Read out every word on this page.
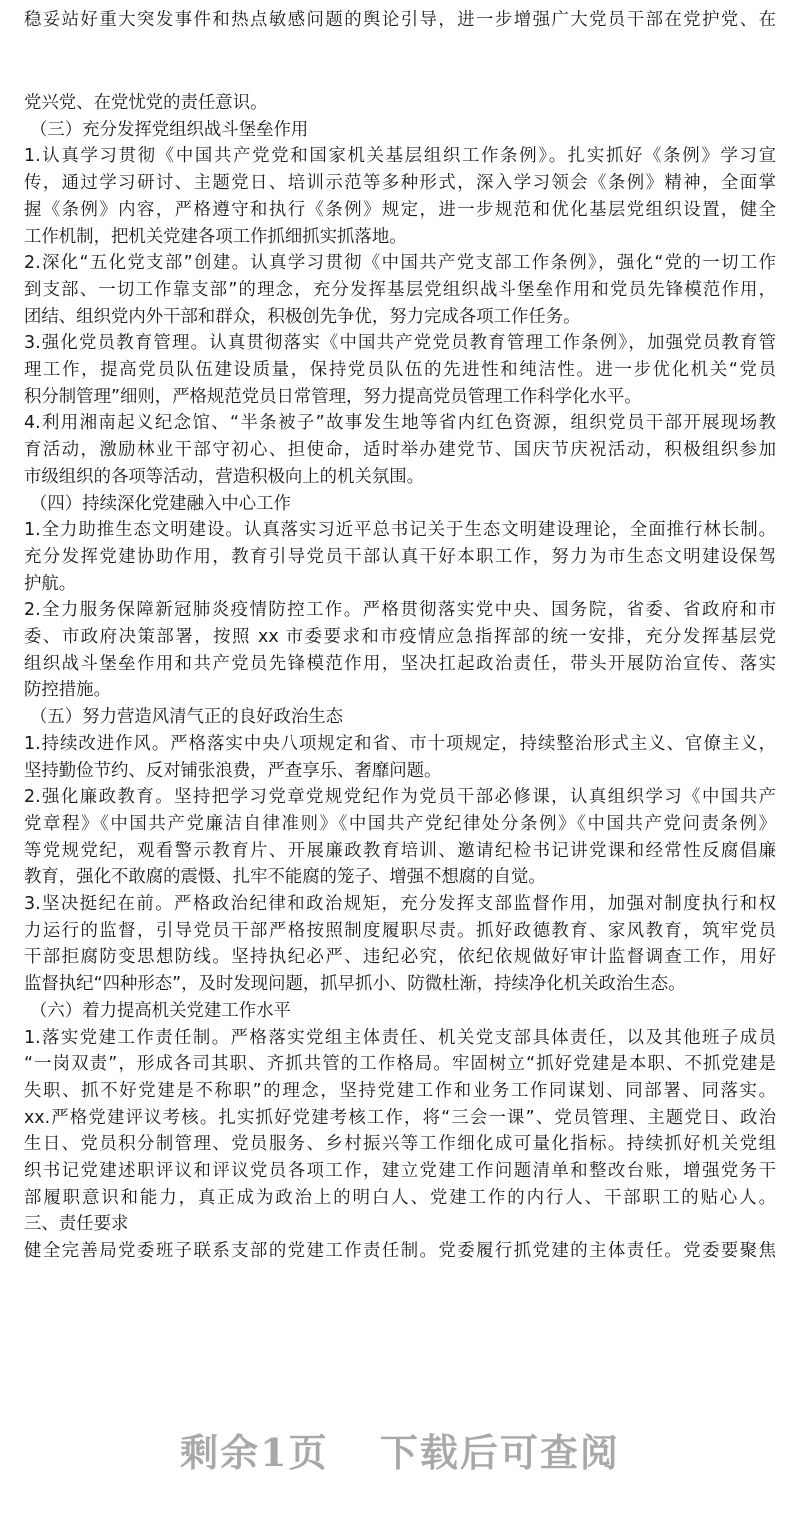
稳妥站好重大突发事件和热点敏感问题的舆论引导，进一步增强广大党员干部在党护党、在
党兴党、在党忧党的责任意识。
（三）充分发挥党组织战斗堡垒作用
1.认真学习贯彻《中国共产党党和国家机关基层组织工作条例》。扎实抓好《条例》学习宣
传，通过学习研讨、主题党日、培训示范等多种形式，深入学习领会《条例》精神，全面掌
握《条例》内容，严格遵守和执行《条例》规定，进一步规范和优化基层党组织设置，健全
工作机制，把机关党建各项工作抓细抓实抓落地。
2.深化“五化党支部”创建。认真学习贯彻《中国共产党支部工作条例》，强化“党的一切工作
到支部、一切工作靠支部”的理念，充分发挥基层党组织战斗堡垒作用和党员先锋模范作用，
团结、组织党内外干部和群众，积极创先争优，努力完成各项工作任务。
3.强化党员教育管理。认真贯彻落实《中国共产党党员教育管理工作条例》，加强党员教育管
理工作，提高党员队伍建设质量，保持党员队伍的先进性和纯洁性。进一步优化机关“党员
积分制管理”细则，严格规范党员日常管理，努力提高党员管理工作科学化水平。
4.利用湘南起义纪念馆、“半条被子”故事发生地等省内红色资源，组织党员干部开展现场教
育活动，激励林业干部守初心、担使命，适时举办建党节、国庆节庆祝活动，积极组织参加
市级组织的各项等活动，营造积极向上的机关氛围。
（四）持续深化党建融入中心工作
1.全力助推生态文明建设。认真落实习近平总书记关于生态文明建设理论，全面推行林长制。
充分发挥党建协助作用，教育引导党员干部认真干好本职工作，努力为市生态文明建设保驾
护航。
2.全力服务保障新冠肺炎疫情防控工作。严格贯彻落实党中央、国务院，省委、省政府和市
委、市政府决策部署，按照 xx 市委要求和市疫情应急指挥部的统一安排，充分发挥基层党
组织战斗堡垒作用和共产党员先锋模范作用，坚决扛起政治责任，带头开展防治宣传、落实
防控措施。
（五）努力营造风清气正的良好政治生态
1.持续改进作风。严格落实中央八项规定和省、市十项规定，持续整治形式主义、官僚主义，
坚持勤俭节约、反对铺张浪费，严查享乐、奢靡问题。
2.强化廉政教育。坚持把学习党章党规党纪作为党员干部必修课，认真组织学习《中国共产
党章程》《中国共产党廉洁自律准则》《中国共产党纪律处分条例》《中国共产党问责条例》
等党规党纪，观看警示教育片、开展廉政教育培训、邀请纪检书记讲党课和经常性反腐倡廉
教育，强化不敢腐的震慑、扎牢不能腐的笼子、增强不想腐的自觉。
3.坚决挺纪在前。严格政治纪律和政治规矩，充分发挥支部监督作用，加强对制度执行和权
力运行的监督，引导党员干部严格按照制度履职尽责。抓好政德教育、家风教育，筑牢党员
干部拒腐防变思想防线。坚持执纪必严、违纪必究，依纪依规做好审计监督调查工作，用好
监督执纪“四种形态”，及时发现问题，抓早抓小、防微杜渐，持续净化机关政治生态。
（六）着力提高机关党建工作水平
1.落实党建工作责任制。严格落实党组主体责任、机关党支部具体责任，以及其他班子成员
“一岗双责”，形成各司其职、齐抓共管的工作格局。牢固树立“抓好党建是本职、不抓党建是
失职、抓不好党建是不称职”的理念，坚持党建工作和业务工作同谋划、同部署、同落实。
xx.严格党建评议考核。扎实抓好党建考核工作，将“三会一课”、党员管理、主题党日、政治
生日、党员积分制管理、党员服务、乡村振兴等工作细化成可量化指标。持续抓好机关党组
织书记党建述职评议和评议党员各项工作，建立党建工作问题清单和整改台账，增强党务干
部履职意识和能力，真正成为政治上的明白人、党建工作的内行人、干部职工的贴心人。
三、责任要求
健全完善局党委班子联系支部的党建工作责任制。党委履行抓党建的主体责任。党委要聚焦
剩余1页 下载后可查阅
